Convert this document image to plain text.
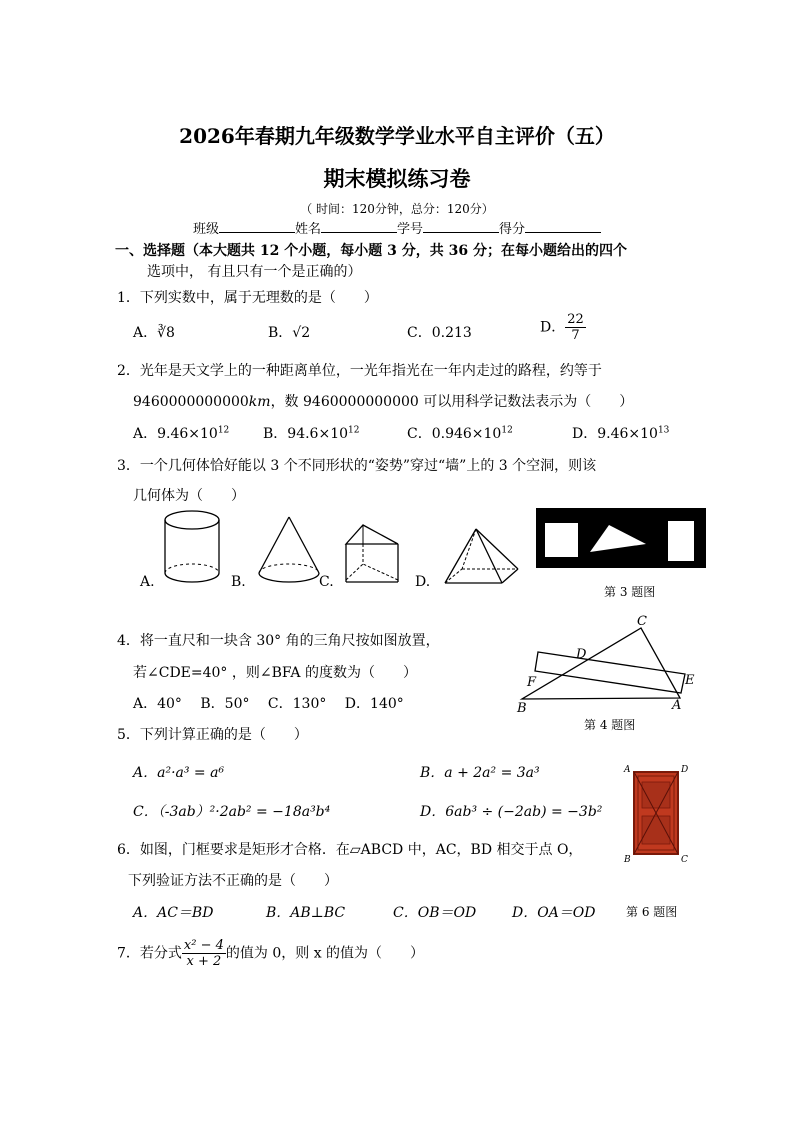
2026年春期九年级数学学业水平自主评价（五）
期末模拟练习卷
（ 时间：120分钟，总分：120分）
班级	姓名	学号	得分
一、选择题（本大题共 12 个小题，每小题 3 分，共 36 分；在每小题给出的四个
选项中， 有且只有一个是正确的）
1．下列实数中，属于无理数的是（　　）
A．∛8	B．√2	C．0.213	D． $\frac{22}{7}$
2．光年是天文学上的一种距离单位，一光年指光在一年内走过的路程，约等于
9460000000000km，数 9460000000000 可以用科学记数法表示为（　　）
A．$9.46\times 10^{12}$ B．$94.6\times 10^{12}$	C．$0.946\times 10^{12}$	D．$9.46\times 10^{13}$
3．一个几何体恰好能以 3 个不同形状的“姿势”穿过“墙”上的 3 个空洞，则该
几何体为（　　）
A.	B.	C.	D.
第 3 题图
4．将一直尺和一块含 30° 角的三角尺按如图放置，
若∠CDE=40° ，则∠BFA 的度数为（　　）
A．40°　 B．50°　 C．130°　 D．140°
C
D
E
F
B	A
第 4 题图
5．下列计算正确的是（　　）
A．a²·a³ = a⁶	B．a + 2a² = 3a³
C．（-3ab）²·2ab² = −18a³b⁴	D．6ab³ ÷ (−2ab) = −3b²
A	D
B	C
6．如图，门框要求是矩形才合格．在▱ABCD 中，AC，BD 相交于点 O，
下列验证方法不正确的是（　　）
A．AC＝BD	B．AB⊥BC	C．OB＝OD	D．OA＝OD	第 6 题图
7．若分式 $\frac{\text{x² − 4}}{x + 2}$ 的值为 0，则 x 的值为（　　）
